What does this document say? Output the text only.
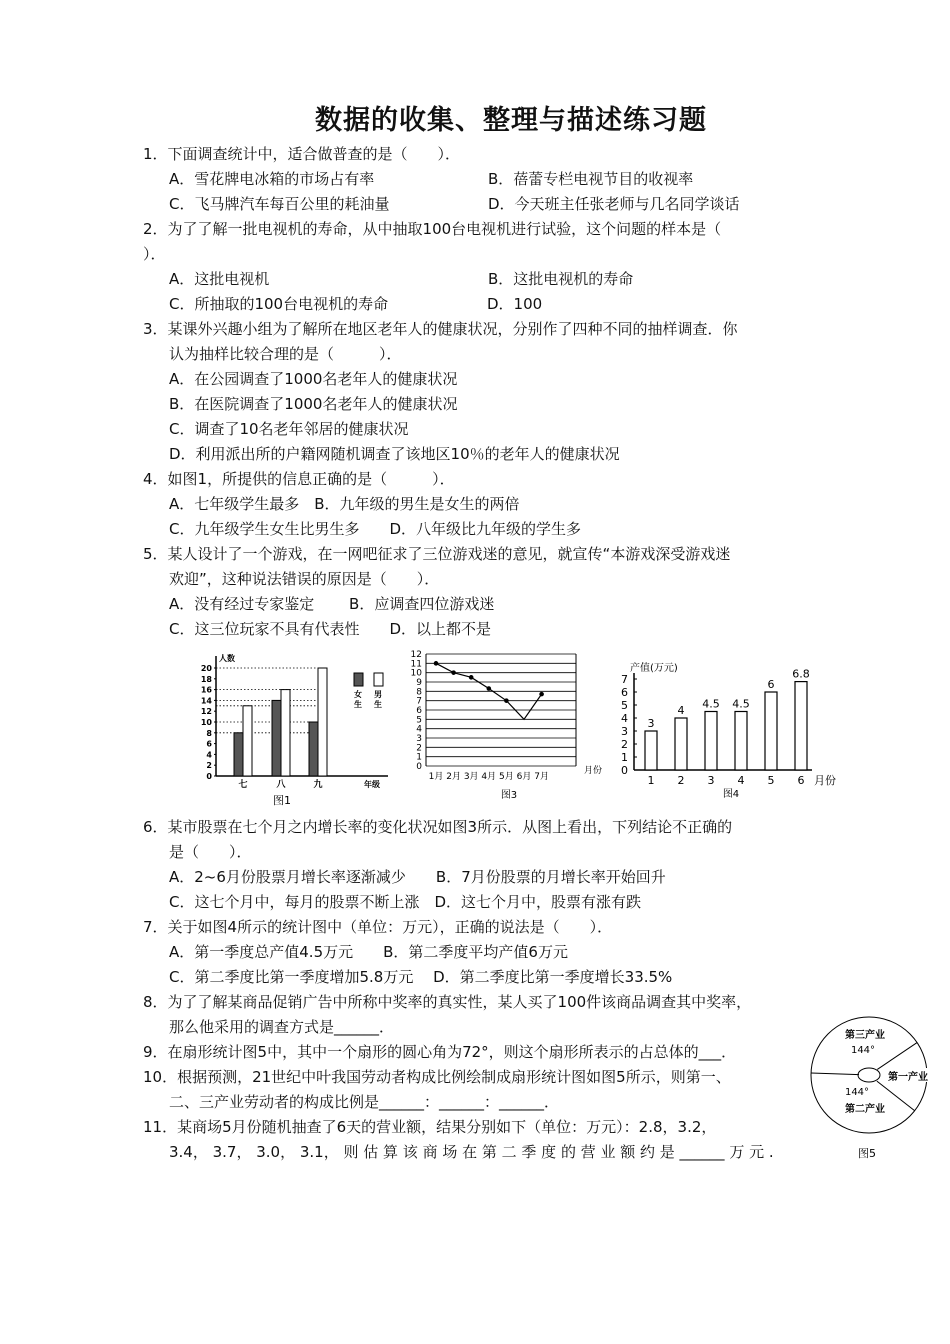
数据的收集、整理与描述练习题
1．下面调查统计中，适合做普查的是（　　）．
A．雪花牌电冰箱的市场占有率	B．蓓蕾专栏电视节目的收视率
C．飞马牌汽车每百公里的耗油量	D．今天班主任张老师与几名同学谈话
2．为了了解一批电视机的寿命，从中抽取100台电视机进行试验，这个问题的样本是（
）．
A．这批电视机	B．这批电视机的寿命
C．所抽取的100台电视机的寿命	D．100
3．某课外兴趣小组为了解所在地区老年人的健康状况，分别作了四种不同的抽样调查．你
认为抽样比较合理的是（　　　）．
A．在公园调查了1000名老年人的健康状况
B．在医院调查了1000名老年人的健康状况
C．调查了10名老年邻居的健康状况
D．利用派出所的户籍网随机调查了该地区10％的老年人的健康状况
4．如图1，所提供的信息正确的是（　　　）．
A．七年级学生最多　B．九年级的男生是女生的两倍
C．九年级学生女生比男生多　　D．八年级比九年级的学生多
5．某人设计了一个游戏，在一网吧征求了三位游戏迷的意见，就宣传“本游戏深受游戏迷
欢迎”，这种说法错误的原因是（　　）．
A．没有经过专家鉴定　　 B．应调查四位游戏迷
C．这三位玩家不具有代表性　　D．以上都不是
人数
0
2
4
6
8
10
12
14
16
18
20
七	八	九	年级
女
生
男
生
图1
0
1
2
3
4
5
6
7
8
9
10
11
12
1月 2月 3月 4月 5月 6月 7月
月份
图3
产值(万元)
0
1
2
3
4
5
6
7
3
1
4
2
4.5
3
4.5
4
6
5
6.8
6 月份
图4
6．某市股票在七个月之内增长率的变化状况如图3所示．从图上看出，下列结论不正确的
是（　　）．
A．2~6月份股票月增长率逐渐减少　　B．7月份股票的月增长率开始回升
C．这七个月中，每月的股票不断上涨　D．这七个月中，股票有涨有跌
7．关于如图4所示的统计图中（单位：万元），正确的说法是（　　）．
A．第一季度总产值4.5万元　　B．第二季度平均产值6万元
C．第二季度比第一季度增加5.8万元　 D．第二季度比第一季度增长33.5%
8．为了了解某商品促销广告中所称中奖率的真实性，某人买了100件该商品调查其中奖率，
那么他采用的调查方式是______．
9．在扇形统计图5中，其中一个扇形的圆心角为72°，则这个扇形所表示的占总体的___．
10．根据预测，21世纪中叶我国劳动者构成比例绘制成扇形统计图如图5所示，则第一、
二、三产业劳动者的构成比例是______：______：______．
11．某商场5月份随机抽查了6天的营业额，结果分别如下（单位：万元）：2.8，3.2，
3.4， 3.7， 3.0， 3.1， 则 估 算 该 商 场 在 第 二 季 度 的 营 业 额 约 是 ______ 万 元 .
第三产业
144°
144°
第二产业
第一产业
图5
